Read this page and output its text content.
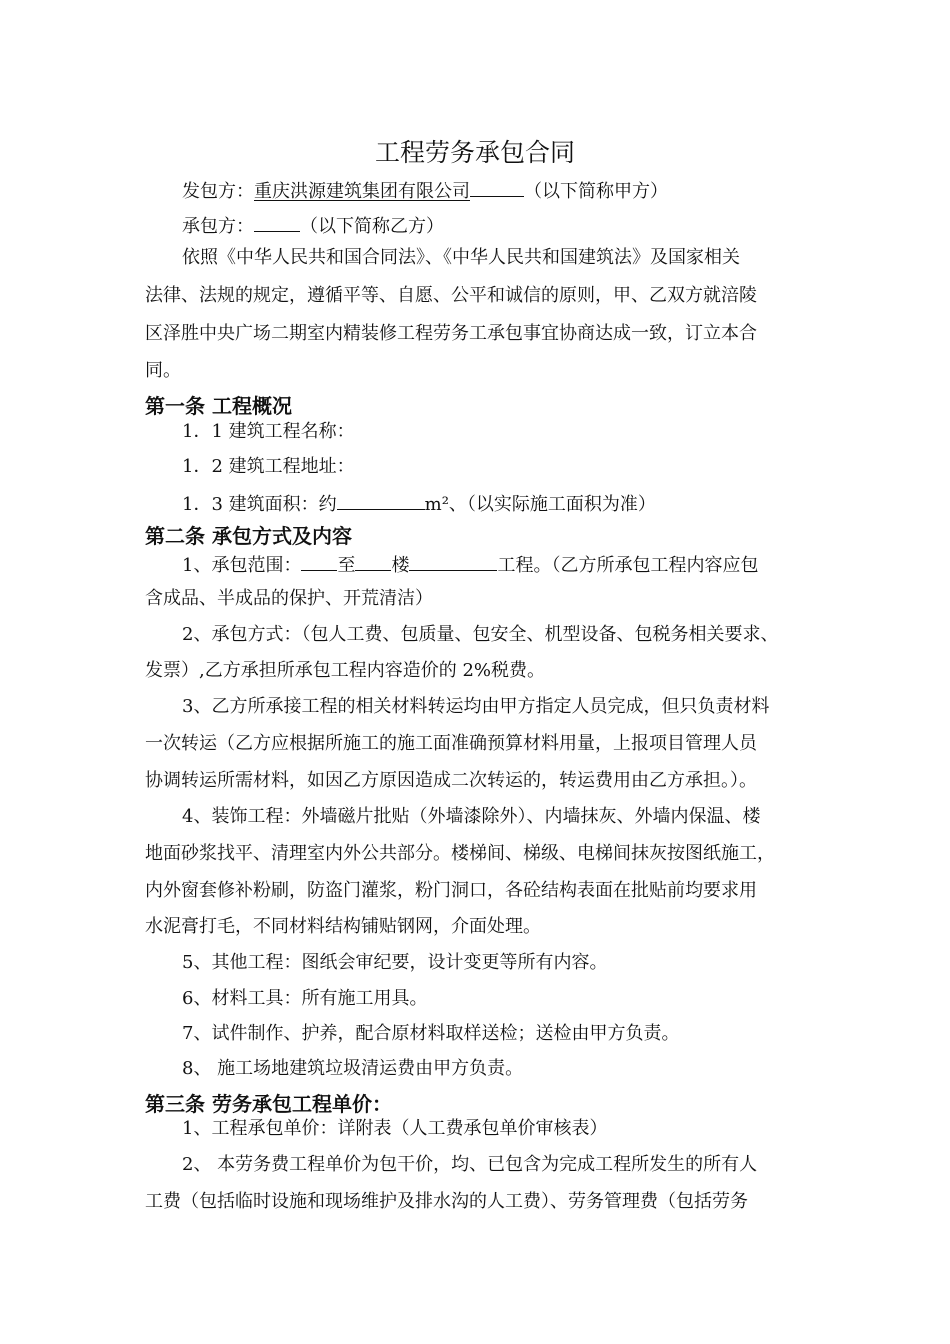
工程劳务承包合同
发包方：重庆洪源建筑集团有限公司	（以下简称甲方）
承包方：	（以下简称乙方）
依照《中华人民共和国合同法》、《中华人民共和国建筑法》及国家相关
法律、法规的规定，遵循平等、自愿、公平和诚信的原则，甲、乙双方就涪陵
区泽胜中央广场二期室内精装修工程劳务工承包事宜协商达成一致，订立本合
同。
第一条 工程概况
1．1 建筑工程名称：
1．2 建筑工程地址：
1．3 建筑面积：约	m²、（以实际施工面积为准）
第二条 承包方式及内容
1、承包范围： 至 楼	工程。（乙方所承包工程内容应包
含成品、半成品的保护、开荒清洁）
2、承包方式：（包人工费、包质量、包安全、机型设备、包税务相关要求、
发票）,乙方承担所承包工程内容造价的 2%税费。
3、乙方所承接工程的相关材料转运均由甲方指定人员完成，但只负责材料
一次转运（乙方应根据所施工的施工面准确预算材料用量，上报项目管理人员
协调转运所需材料，如因乙方原因造成二次转运的，转运费用由乙方承担。）。
4、装饰工程：外墙磁片批贴（外墙漆除外）、内墙抹灰、外墙内保温、楼
地面砂浆找平、清理室内外公共部分。楼梯间、梯级、电梯间抹灰按图纸施工，
内外窗套修补粉刷，防盗门灌浆，粉门洞口，各砼结构表面在批贴前均要求用
水泥膏打毛，不同材料结构铺贴钢网，介面处理。
5、其他工程：图纸会审纪要，设计变更等所有内容。
6、材料工具：所有施工用具。
7、试件制作、护养，配合原材料取样送检；送检由甲方负责。
8、 施工场地建筑垃圾清运费由甲方负责。
第三条 劳务承包工程单价：
1、工程承包单价：详附表（人工费承包单价审核表）
2、 本劳务费工程单价为包干价，均、已包含为完成工程所发生的所有人
工费（包括临时设施和现场维护及排水沟的人工费）、劳务管理费（包括劳务
